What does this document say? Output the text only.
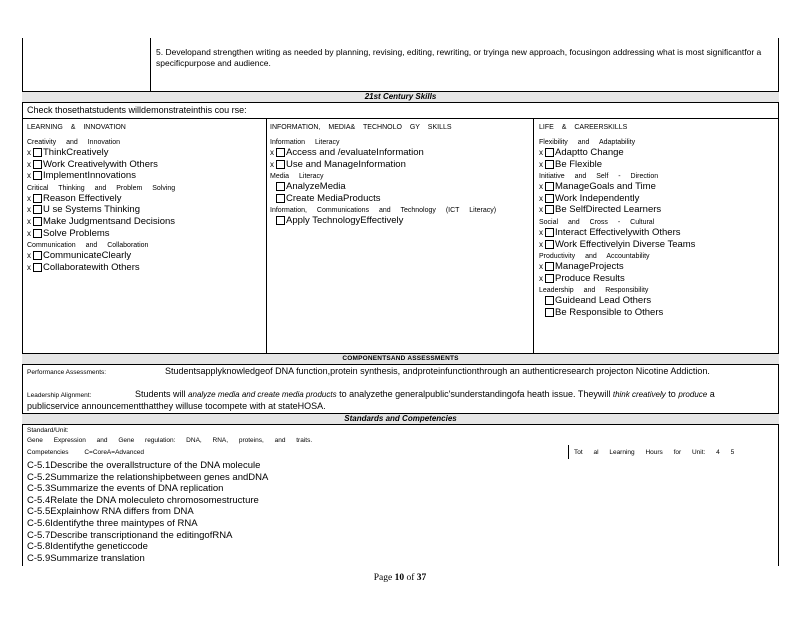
5. Developand strengthen writing as needed by planning, revising, editing, rewriting, or tryinga new approach, focusingon addressing what is most significantfor a specificpurpose and audience.
21st Century Skills
Check thosethatstudents willdemonstrateinthis cou rse:
LEARNING & INNOVATION
Creativity and Innovation
x ThinkCreatively
x Work Creativelywith Others
x ImplementInnovations
Critical Thinking and Problem Solving
x Reason Effectively
x U se Systems Thinking
x Make Judgmentsand Decisions
x Solve Problems
Communication and Collaboration
x CommunicateClearly
x Collaboratewith Others
INFORMATION, MEDIA& TECHNOLO GY SKILLS
Information Literacy
x Access and /evaluateInformation
x Use and ManageInformation
Media Literacy
AnalyzeMedia
Create MediaProducts
Information, Communications and Technology (ICT Literacy)
Apply TechnologyEffectively
LIFE & CAREERSKILLS
Flexibility and Adaptability
x Adaptto Change
x Be Flexible
Initiative and Self - Direction
x ManageGoals and Time
x Work Independently
x Be SelfDirected Learners
Social and Cross - Cultural
x Interact Effectivelywith Others
x Work Effectivelyin Diverse Teams
Productivity and Accountability
x ManageProjects
x Produce Results
Leadership and Responsibility
Guideand Lead Others
Be Responsible to Others
COMPONENTSAND ASSESSMENTS
Performance Assessments:	Studentsapplyknowledgeof DNA function,protein synthesis, andproteinfunctionthrough an authenticresearch projecton Nicotine Addiction.
Leadership Alignment:	Students will analyze media and create media products to analyzethe generalpublic'sunderstandingofa heath issue. Theywill think creatively to produce a publicservice announcementthatthey willuse tocompete with at stateHOSA.
Standards and Competencies
Standard/Unit:
Gene Expression and Gene regulation: DNA, RNA, proteins, and traits.
Competencies C=CoreA=Advanced	Tot al Learning Hours for Unit: 4 5
C-5.1Describe the overallstructure of the DNA molecule
C-5.2Summarize the relationshipbetween genes andDNA
C-5.3Summarize the events of DNA replication
C-5.4Relate the DNA moleculeto chromosomestructure
C-5.5Explainhow RNA differs from DNA
C-5.6Identifythe three maintypes of RNA
C-5.7Describe transcriptionand the editingofRNA
C-5.8Identifythe geneticcode
C-5.9Summarize translation
Page 10 of 37
